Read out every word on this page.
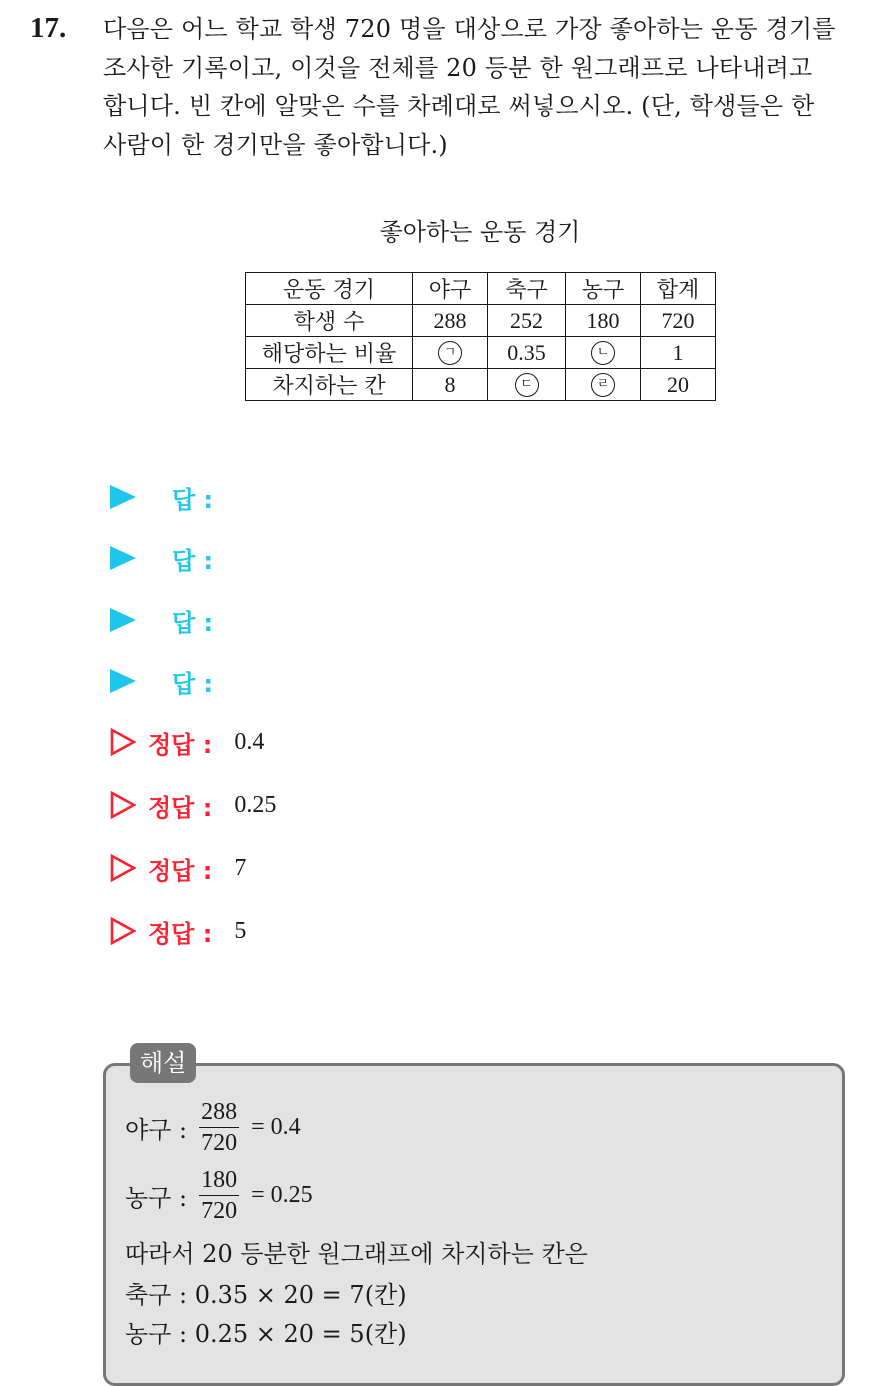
17. 다음은 어느 학교 학생 720 명을 대상으로 가장 좋아하는 운동 경기를
조사한 기록이고, 이것을 전체를 20 등분 한 원그래프로 나타내려고
합니다. 빈 칸에 알맞은 수를 차례대로 써넣으시오. (단, 학생들은 한
사람이 한 경기만을 좋아합니다.)
좋아하는 운동 경기
운동 경기	야구	축구	농구	합계
학생 수	288	252	180	720
해당하는 비율	ㄱ	0.35	ㄴ	1
차지하는 칸	8	ㄷ	ㄹ	20
답 :
답 :
답 :
답 :
정답 : 0.4
정답 : 0.25
정답 : 7
정답 : 5
해설
야구 : $\frac{288}{720} = 0.4$
농구 : $\frac{180}{720} = 0.25$
따라서 20 등분한 원그래프에 차지하는 칸은
축구 : 0.35 × 20 = 7(칸)
농구 : 0.25 × 20 = 5(칸)
